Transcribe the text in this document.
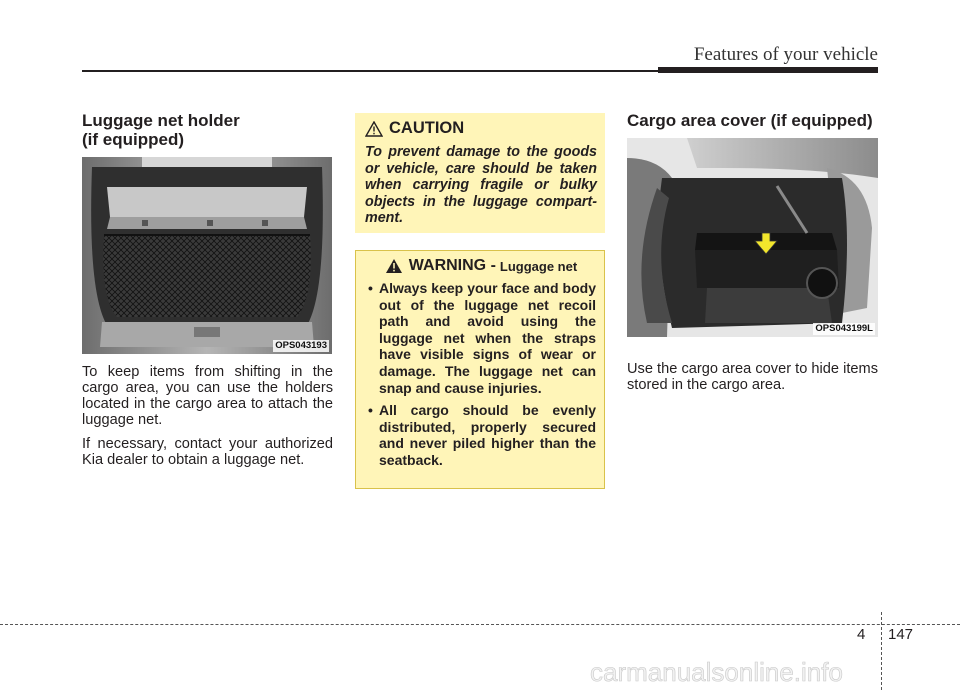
Features of your vehicle

Luggage net holder

(if equipped)

OPS043193

To keep items from shifting in the cargo area, you can use the holders located in the cargo area to attach the luggage net.

If necessary, contact your authorized Kia dealer to obtain a luggage net.

CAUTION

To prevent damage to the goods or vehicle, care should be taken when carrying fragile or bulky objects in the luggage compart-ment.

WARNING - Luggage net
• Always keep your face and body out of the luggage net recoil path and avoid using the luggage net when the straps have visible signs of wear or damage. The luggage net can snap and cause injuries.
• All cargo should be evenly distributed, properly secured and never piled higher than the seatback.

Cargo area cover (if equipped)

OPS043199L

Use the cargo area cover to hide items stored in the cargo area.

4 147
carmanualsonline.info
